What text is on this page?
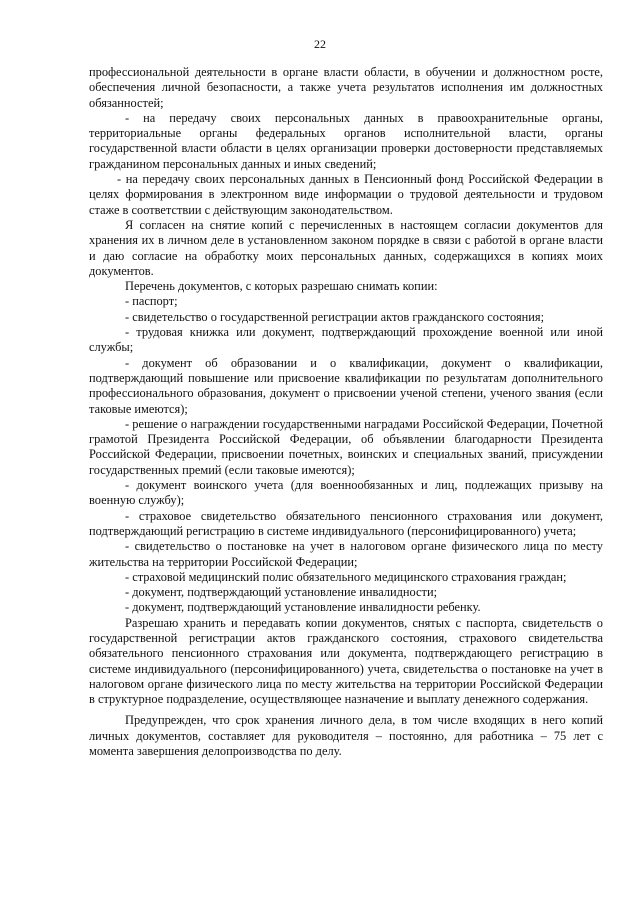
22

профессиональной деятельности в органе власти области, в обучении и должностном росте, обеспечения личной безопасности, а также учета результатов исполнения им должностных обязанностей;

- на передачу своих персональных данных в правоохранительные органы, территориальные органы федеральных органов исполнительной власти, органы государственной власти области в целях организации проверки достоверности представляемых гражданином персональных данных и иных сведений;

- на передачу своих персональных данных в Пенсионный фонд Российской Федерации в целях формирования в электронном виде информации о трудовой деятельности и трудовом стаже в соответствии с действующим законодательством.

Я согласен на снятие копий с перечисленных в настоящем согласии документов для хранения их в личном деле в установленном законом порядке в связи с работой в органе власти и даю согласие на обработку моих персональных данных, содержащихся в копиях моих документов.

Перечень документов, с которых разрешаю снимать копии:

- паспорт;

- свидетельство о государственной регистрации актов гражданского состояния;

- трудовая книжка или документ, подтверждающий прохождение военной или иной службы;

- документ об образовании и о квалификации, документ о квалификации, подтверждающий повышение или присвоение квалификации по результатам дополнительного профессионального образования, документ о присвоении ученой степени, ученого звания (если таковые имеются);

- решение о награждении государственными наградами Российской Федерации, Почетной грамотой Президента Российской Федерации, об объявлении благодарности Президента Российской Федерации, присвоении почетных, воинских и специальных званий, присуждении государственных премий (если таковые имеются);

- документ воинского учета (для военнообязанных и лиц, подлежащих призыву на военную службу);

- страховое свидетельство обязательного пенсионного страхования или документ, подтверждающий регистрацию в системе индивидуального (персонифицированного) учета;

- свидетельство о постановке на учет в налоговом органе физического лица по месту жительства на территории Российской Федерации;

- страховой медицинский полис обязательного медицинского страхования граждан;

- документ, подтверждающий установление инвалидности;

- документ, подтверждающий установление инвалидности ребенку.

Разрешаю хранить и передавать копии документов, снятых с паспорта, свидетельств о государственной регистрации актов гражданского состояния, страхового свидетельства обязательного пенсионного страхования или документа, подтверждающего регистрацию в системе индивидуального (персонифицированного) учета, свидетельства о постановке на учет в налоговом органе физического лица по месту жительства на территории Российской Федерации в структурное подразделение, осуществляющее назначение и выплату денежного содержания.

Предупрежден, что срок хранения личного дела, в том числе входящих в него копий личных документов, составляет для руководителя – постоянно, для работника – 75 лет с момента завершения делопроизводства по делу.
